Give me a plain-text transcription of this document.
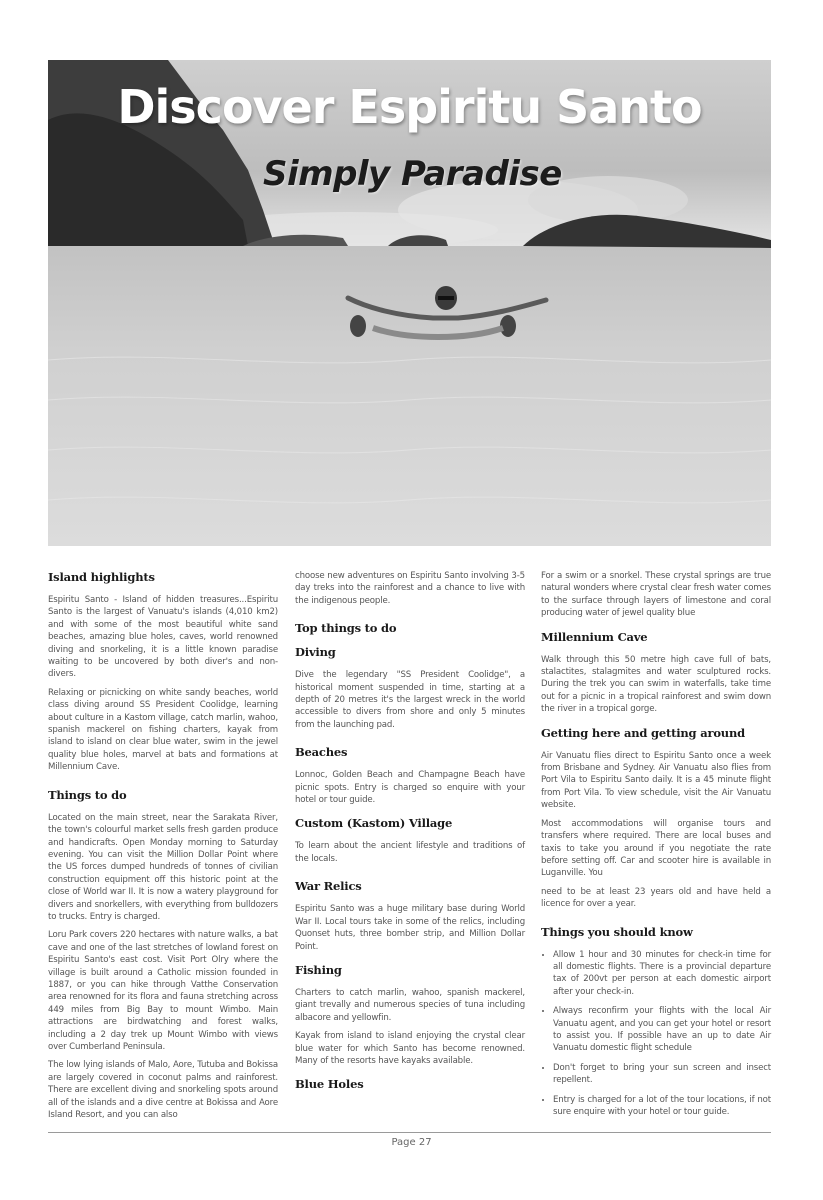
Discover Espiritu Santo
Simply Paradise
Island highlights

Espiritu Santo - Island of hidden treasures...Espiritu Santo is the largest of Vanuatu's islands (4,010 km2) and with some of the most beautiful white sand beaches, amazing blue holes, caves, world renowned diving and snorkeling, it is a little known paradise waiting to be uncovered by both diver's and non-divers.

Relaxing or picnicking on white sandy beaches, world class diving around SS President Coolidge, learning about culture in a Kastom village, catch marlin, wahoo, spanish mackerel on fishing charters, kayak from island to island on clear blue water, swim in the jewel quality blue holes, marvel at bats and formations at Millennium Cave.

Things to do

Located on the main street, near the Sarakata River, the town's colourful market sells fresh garden produce and handicrafts. Open Monday morning to Saturday evening. You can visit the Million Dollar Point where the US forces dumped hundreds of tonnes of civilian construction equipment off this historic point at the close of World war II. It is now a watery playground for divers and snorkellers, with everything from bulldozers to trucks. Entry is charged.

Loru Park covers 220 hectares with nature walks, a bat cave and one of the last stretches of lowland forest on Espiritu Santo's east cost. Visit Port Olry where the village is built around a Catholic mission founded in 1887, or you can hike through Vatthe Conservation area renowned for its flora and fauna stretching across 449 miles from Big Bay to mount Wimbo. Main attractions are birdwatching and forest walks, including a 2 day trek up Mount Wimbo with views over Cumberland Peninsula.

The low lying islands of Malo, Aore, Tutuba and Bokissa are largely covered in coconut palms and rainforest. There are excellent diving and snorkeling spots around all of the islands and a dive centre at Bokissa and Aore Island Resort, and you can also

choose new adventures on Espiritu Santo involving 3-5 day treks into the rainforest and a chance to live with the indigenous people.

Top things to do
Diving

Dive the legendary "SS President Coolidge", a historical moment suspended in time, starting at a depth of 20 metres it's the largest wreck in the world accessible to divers from shore and only 5 minutes from the launching pad.

Beaches

Lonnoc, Golden Beach and Champagne Beach have picnic spots. Entry is charged so enquire with your hotel or tour guide.

Custom (Kastom) Village

To learn about the ancient lifestyle and traditions of the locals.

War Relics

Espiritu Santo was a huge military base during World War II. Local tours take in some of the relics, including Quonset huts, three bomber strip, and Million Dollar Point.

Fishing

Charters to catch marlin, wahoo, spanish mackerel, giant trevally and numerous species of tuna including albacore and yellowfin.

Kayak from island to island enjoying the crystal clear blue water for which Santo has become renowned. Many of the resorts have kayaks available.

Blue Holes

For a swim or a snorkel. These crystal springs are true natural wonders where crystal clear fresh water comes to the surface through layers of limestone and coral producing water of jewel quality blue

Millennium Cave

Walk through this 50 metre high cave full of bats, stalactites, stalagmites and water sculptured rocks. During the trek you can swim in waterfalls, take time out for a picnic in a tropical rainforest and swim down the river in a tropical gorge.

Getting here and getting around

Air Vanuatu flies direct to Espiritu Santo once a week from Brisbane and Sydney. Air Vanuatu also flies from Port Vila to Espiritu Santo daily. It is a 45 minute flight from Port Vila. To view schedule, visit the Air Vanuatu website.

Most accommodations will organise tours and transfers where required. There are local buses and taxis to take you around if you negotiate the rate before setting off. Car and scooter hire is available in Luganville. You

need to be at least 23 years old and have held a licence for over a year.

Things you should know
• Allow 1 hour and 30 minutes for check-in time for all domestic flights. There is a provincial departure tax of 200vt per person at each domestic airport after your check-in.
• Always reconfirm your flights with the local Air Vanuatu agent, and you can get your hotel or resort to assist you. If possible have an up to date Air Vanuatu domestic flight schedule
• Don't forget to bring your sun screen and insect repellent.
• Entry is charged for a lot of the tour locations, if not sure enquire with your hotel or tour guide.
Page 27
